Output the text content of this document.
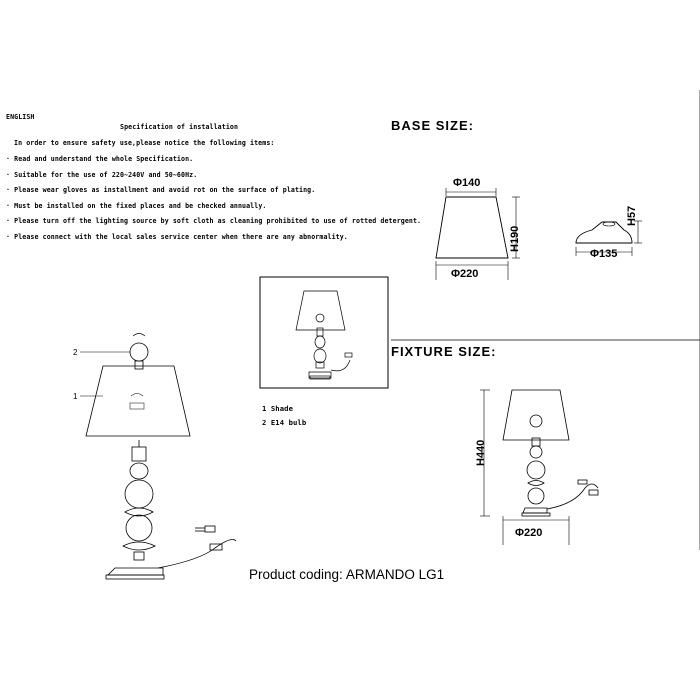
ENGLISH
Specification of installation
In order to ensure safety use,please notice the following items:
· Read and understand the whole Specification.
· Suitable for the use of 220~240V and 50~60Hz.
· Please wear gloves as installment and avoid rot on the surface of plating.
· Must be installed on the fixed places and be checked annually.
· Please turn off the lighting source by soft cloth as cleaning prohibited to use of rotted detergent.
· Please connect with the local sales service center when there are any abnormality.
BASE SIZE:
FIXTURE SIZE:
Φ140
Φ220
H190
H57
Φ135
H440
Φ220
2
1
1 Shade
2 E14 bulb
Product coding: ARMANDO LG1
